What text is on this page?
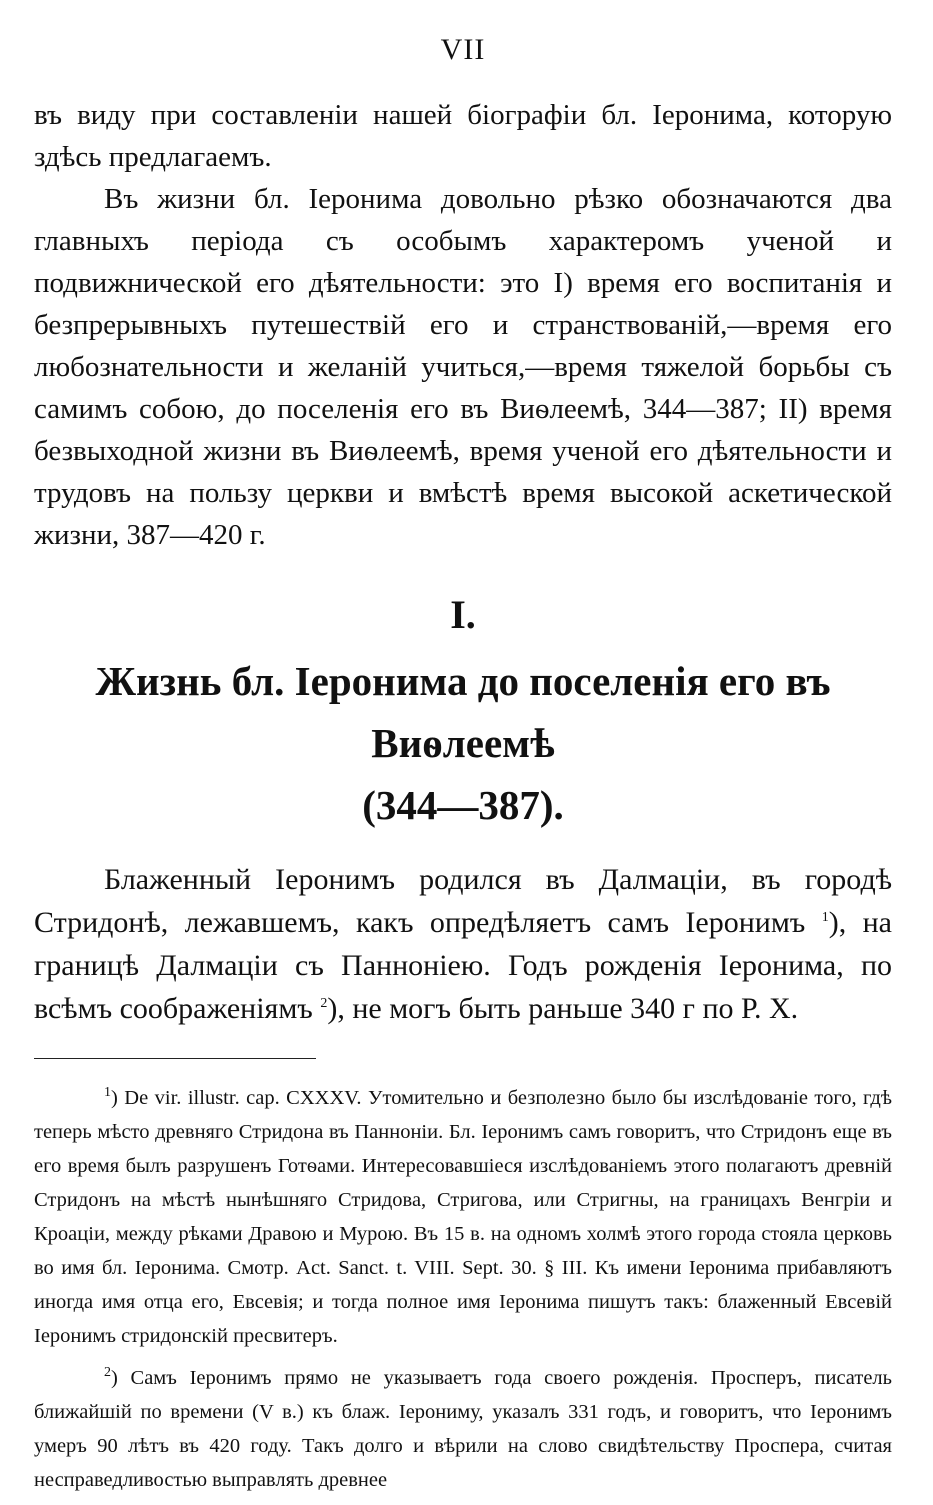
VII

въ виду при составленіи нашей біографіи бл. Іеронима, которую здѣсь предлагаемъ.

Въ жизни бл. Іеронима довольно рѣзко обозначаются два главныхъ періода съ особымъ характеромъ ученой и подвижнической его дѣятельности: это I) время его воспитанія и безпрерывныхъ путешествій его и странствованій,—время его любознательности и желаній учиться,—время тяжелой борьбы съ самимъ собою, до поселенія его въ Виѳлеемѣ, 344—387; II) время безвыходной жизни въ Виѳлеемѣ, время ученой его дѣятельности и трудовъ на пользу церкви и вмѣстѣ время высокой аскетической жизни, 387—420 г.

I.
Жизнь бл. Іеронима до поселенія его въ Виѳлеемѣ
(344—387).

Блаженный Іеронимъ родился въ Далмаціи, въ городѣ Стридонѣ, лежавшемъ, какъ опредѣляетъ самъ Іеронимъ $^1$), на границѣ Далмаціи съ Панноніею. Годъ рожденія Іеронима, по всѣмъ соображеніямъ $^2$), не могъ быть раньше 340 г по Р. Х.

$^1$) De vir. illustr. cap. CXXXV. Утомительно и безполезно было бы изслѣдованіе того, гдѣ теперь мѣсто древняго Стридона въ Панноніи. Бл. Іеронимъ самъ говоритъ, что Стридонъ еще въ его время былъ разрушенъ Готѳами. Интересовавшіеся изслѣдованіемъ этого полагаютъ древній Стридонъ на мѣстѣ нынѣшняго Стридова, Стригова, или Стригны, на границахъ Венгріи и Кроаціи, между рѣками Дравою и Мурою. Въ 15 в. на одномъ холмѣ этого города стояла церковь во имя бл. Іеронима. Смотр. Act. Sanct. t. VIII. Sept. 30. § III. Къ имени Іеронима прибавляютъ иногда имя отца его, Евсевія; и тогда полное имя Іеронима пишутъ такъ: блаженный Евсевій Іеронимъ стридонскій пресвитеръ.

$^2$) Самъ Іеронимъ прямо не указываетъ года своего рожденія. Просперъ, писатель ближайшій по времени (V в.) къ блаж. Іерониму, указалъ 331 годъ, и говоритъ, что Іеронимъ умеръ 90 лѣтъ въ 420 году. Такъ долго и вѣрили на слово свидѣтельству Проспера, считая несправедливостью выправлять древнее
